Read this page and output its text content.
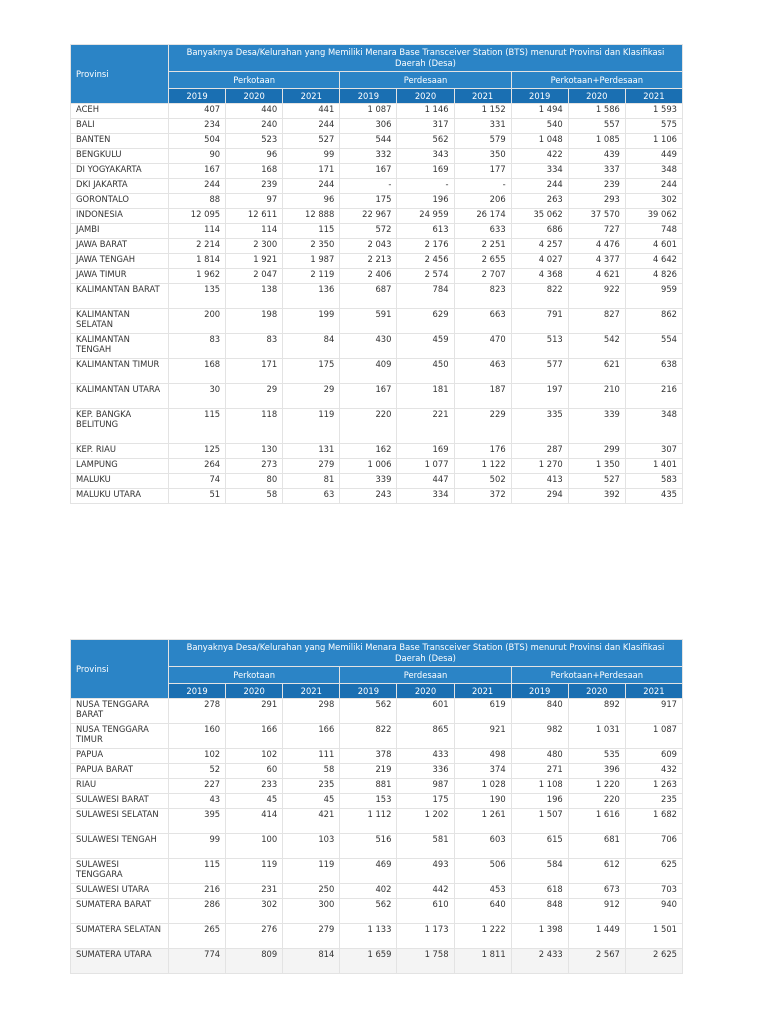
Provinsi	Banyaknya Desa/Kelurahan yang Memiliki Menara Base Transceiver Station (BTS) menurut Provinsi dan Klasifikasi Daerah (Desa)								
	Perkotaan			Perdesaan			Perkotaan+Perdesaan		
	2019	2020	2021	2019	2020	2021	2019	2020	2021
ACEH	407	440	441	1 087	1 146	1 152	1 494	1 586	1 593
BALI	234	240	244	306	317	331	540	557	575
BANTEN	504	523	527	544	562	579	1 048	1 085	1 106
BENGKULU	90	96	99	332	343	350	422	439	449
DI YOGYAKARTA	167	168	171	167	169	177	334	337	348
DKI JAKARTA	244	239	244	-	-	-	244	239	244
GORONTALO	88	97	96	175	196	206	263	293	302
INDONESIA	12 095	12 611	12 888	22 967	24 959	26 174	35 062	37 570	39 062
JAMBI	114	114	115	572	613	633	686	727	748
JAWA BARAT	2 214	2 300	2 350	2 043	2 176	2 251	4 257	4 476	4 601
JAWA TENGAH	1 814	1 921	1 987	2 213	2 456	2 655	4 027	4 377	4 642
JAWA TIMUR	1 962	2 047	2 119	2 406	2 574	2 707	4 368	4 621	4 826
KALIMANTAN BARAT	135	138	136	687	784	823	822	922	959
KALIMANTAN SELATAN	200	198	199	591	629	663	791	827	862
KALIMANTAN TENGAH	83	83	84	430	459	470	513	542	554
KALIMANTAN TIMUR	168	171	175	409	450	463	577	621	638
KALIMANTAN UTARA	30	29	29	167	181	187	197	210	216
KEP. BANGKA BELITUNG	115	118	119	220	221	229	335	339	348
KEP. RIAU	125	130	131	162	169	176	287	299	307
LAMPUNG	264	273	279	1 006	1 077	1 122	1 270	1 350	1 401
MALUKU	74	80	81	339	447	502	413	527	583
MALUKU UTARA	51	58	63	243	334	372	294	392	435
Provinsi	Banyaknya Desa/Kelurahan yang Memiliki Menara Base Transceiver Station (BTS) menurut Provinsi dan Klasifikasi Daerah (Desa)								
	Perkotaan			Perdesaan			Perkotaan+Perdesaan		
	2019	2020	2021	2019	2020	2021	2019	2020	2021
NUSA TENGGARA BARAT	278	291	298	562	601	619	840	892	917
NUSA TENGGARA TIMUR	160	166	166	822	865	921	982	1 031	1 087
PAPUA	102	102	111	378	433	498	480	535	609
PAPUA BARAT	52	60	58	219	336	374	271	396	432
RIAU	227	233	235	881	987	1 028	1 108	1 220	1 263
SULAWESI BARAT	43	45	45	153	175	190	196	220	235
SULAWESI SELATAN	395	414	421	1 112	1 202	1 261	1 507	1 616	1 682
SULAWESI TENGAH	99	100	103	516	581	603	615	681	706
SULAWESI TENGGARA	115	119	119	469	493	506	584	612	625
SULAWESI UTARA	216	231	250	402	442	453	618	673	703
SUMATERA BARAT	286	302	300	562	610	640	848	912	940
SUMATERA SELATAN	265	276	279	1 133	1 173	1 222	1 398	1 449	1 501
SUMATERA UTARA	774	809	814	1 659	1 758	1 811	2 433	2 567	2 625
